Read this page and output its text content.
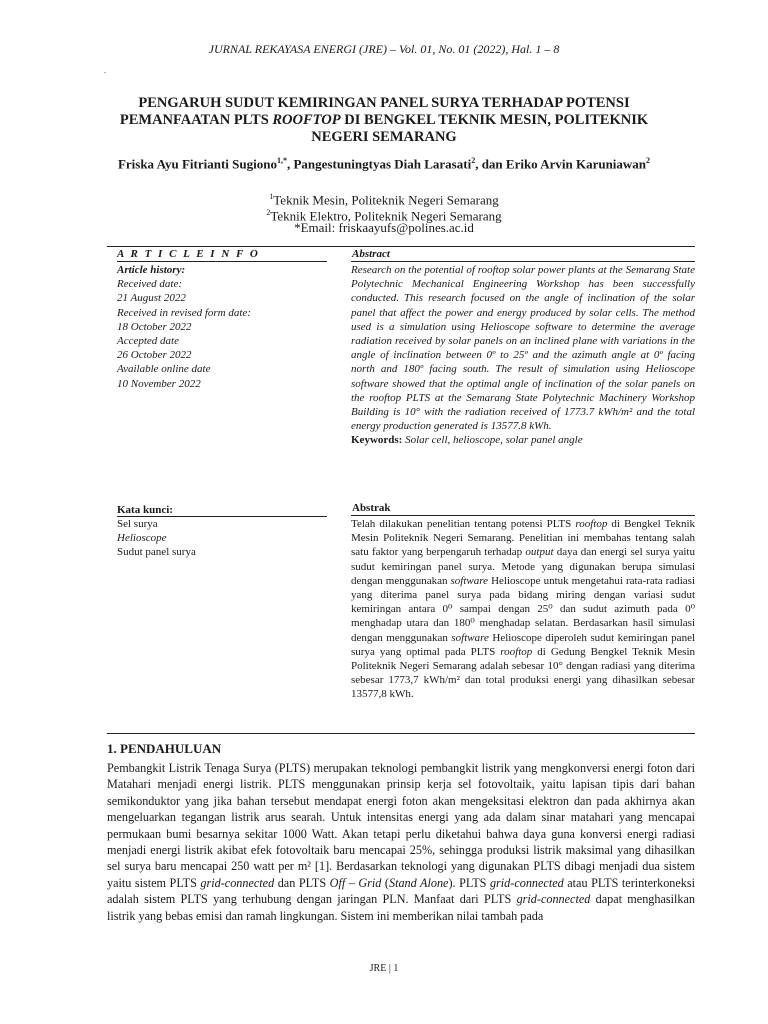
JURNAL REKAYASA ENERGI (JRE) – Vol. 01, No. 01 (2022), Hal. 1 – 8
.
PENGARUH SUDUT KEMIRINGAN PANEL SURYA TERHADAP POTENSI
PEMANFAATAN PLTS ROOFTOP DI BENGKEL TEKNIK MESIN, POLITEKNIK
NEGERI SEMARANG
Friska Ayu Fitrianti Sugiono$^{1,*}$, Pangestuningtyas Diah Larasati$^2$, dan Eriko Arvin Karuniawan$^2$
$^1$Teknik Mesin, Politeknik Negeri Semarang
$^2$Teknik Elektro, Politeknik Negeri Semarang
*Email: friskaayufs@polines.ac.id
A R T I C L E I N F O	Abstract
Article history:
Received date:
21 August 2022
Received in revised form date:
18 October 2022
Accepted date
26 October 2022
Available online date
10 November 2022
Research on the potential of rooftop solar power plants at the Semarang State Polytechnic Mechanical Engineering Workshop has been successfully conducted. This research focused on the angle of inclination of the solar panel that affect the power and energy produced by solar cells. The method used is a simulation using Helioscope software to determine the average radiation received by solar panels on an inclined plane with variations in the angle of inclination between 0º to 25º and the azimuth angle at 0º facing north and 180º facing south. The result of simulation using Helioscope software showed that the optimal angle of inclination of the solar panels on the rooftop PLTS at the Semarang State Polytechnic Machinery Workshop Building is 10° with the radiation received of 1773.7 kWh/m² and the total energy production generated is 13577.8 kWh.
Keywords: Solar cell, helioscope, solar panel angle
Kata kunci:	Abstrak
Sel surya
Helioscope
Sudut panel surya
Telah dilakukan penelitian tentang potensi PLTS rooftop di Bengkel Teknik Mesin Politeknik Negeri Semarang. Penelitian ini membahas tentang salah satu faktor yang berpengaruh terhadap output daya dan energi sel surya yaitu sudut kemiringan panel surya. Metode yang digunakan berupa simulasi dengan menggunakan software Helioscope untuk mengetahui rata-rata radiasi yang diterima panel surya pada bidang miring dengan variasi sudut kemiringan antara 0⁰ sampai dengan 25⁰ dan sudut azimuth pada 0⁰ menghadap utara dan 180⁰ menghadap selatan. Berdasarkan hasil simulasi dengan menggunakan software Helioscope diperoleh sudut kemiringan panel surya yang optimal pada PLTS rooftop di Gedung Bengkel Teknik Mesin Politeknik Negeri Semarang adalah sebesar 10° dengan radiasi yang diterima sebesar 1773,7 kWh/m² dan total produksi energi yang dihasilkan sebesar 13577,8 kWh.
1. PENDAHULUAN
Pembangkit Listrik Tenaga Surya (PLTS) merupakan teknologi pembangkit listrik yang mengkonversi energi foton dari Matahari menjadi energi listrik. PLTS menggunakan prinsip kerja sel fotovoltaik, yaitu lapisan tipis dari bahan semikonduktor yang jika bahan tersebut mendapat energi foton akan mengeksitasi elektron dan pada akhirnya akan mengeluarkan tegangan listrik arus searah. Untuk intensitas energi yang ada dalam sinar matahari yang mencapai permukaan bumi besarnya sekitar 1000 Watt. Akan tetapi perlu diketahui bahwa daya guna konversi energi radiasi menjadi energi listrik akibat efek fotovoltaik baru mencapai 25%, sehingga produksi listrik maksimal yang dihasilkan sel surya baru mencapai 250 watt per m² [1]. Berdasarkan teknologi yang digunakan PLTS dibagi menjadi dua sistem yaitu sistem PLTS grid-connected dan PLTS Off – Grid (Stand Alone). PLTS grid-connected atau PLTS terinterkoneksi adalah sistem PLTS yang terhubung dengan jaringan PLN. Manfaat dari PLTS grid-connected dapat menghasilkan listrik yang bebas emisi dan ramah lingkungan. Sistem ini memberikan nilai tambah pada
JRE | 1
